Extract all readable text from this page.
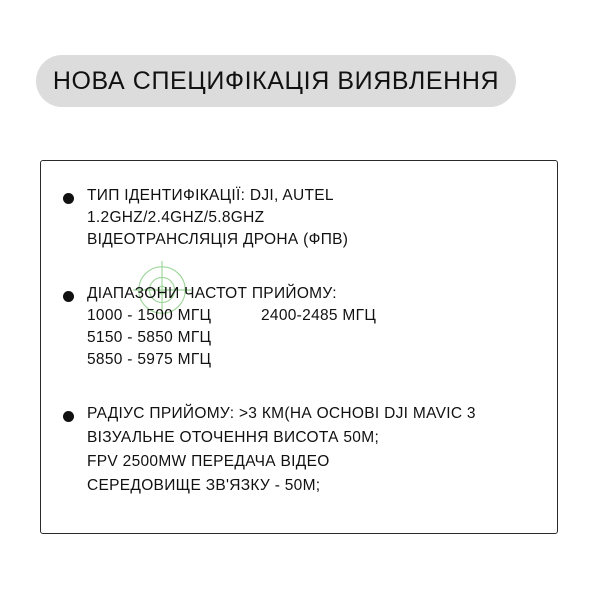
НОВА СПЕЦИФІКАЦІЯ ВИЯВЛЕННЯ
ТИП ІДЕНТИФІКАЦІЇ: DJI, AUTEL
1.2GHZ/2.4GHZ/5.8GHZ
ВІДЕОТРАНСЛЯЦІЯ ДРОНА (ФПВ)
ДІАПАЗОНИ ЧАСТОТ ПРИЙОМУ:
1000 - 1500 МГЦ	2400-2485 МГЦ
5150 - 5850 МГЦ
5850 - 5975 МГЦ
РАДІУС ПРИЙОМУ: >3 КМ(НА ОСНОВІ DJI MAVIC 3
ВІЗУАЛЬНЕ ОТОЧЕННЯ ВИСОТА 50М;
FPV 2500MW ПЕРЕДАЧА ВІДЕО
СЕРЕДОВИЩЕ ЗВ'ЯЗКУ - 50М;
